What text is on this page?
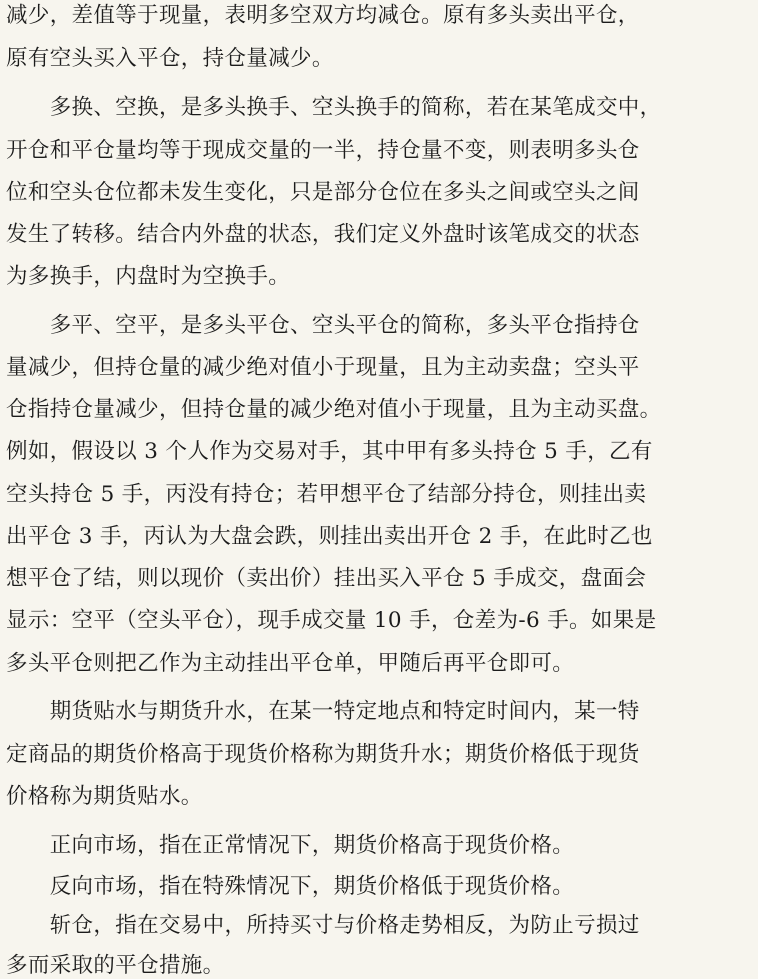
减少，差值等于现量，表明多空双方均减仓。原有多头卖出平仓，
原有空头买入平仓，持仓量减少。
　　多换、空换，是多头换手、空头换手的简称，若在某笔成交中，
开仓和平仓量均等于现成交量的一半，持仓量不变，则表明多头仓
位和空头仓位都未发生变化，只是部分仓位在多头之间或空头之间
发生了转移。结合内外盘的状态，我们定义外盘时该笔成交的状态
为多换手，内盘时为空换手。
　　多平、空平，是多头平仓、空头平仓的简称，多头平仓指持仓
量减少，但持仓量的减少绝对值小于现量，且为主动卖盘；空头平
仓指持仓量减少，但持仓量的减少绝对值小于现量，且为主动买盘。
例如，假设以 3 个人作为交易对手，其中甲有多头持仓 5 手，乙有
空头持仓 5 手，丙没有持仓；若甲想平仓了结部分持仓，则挂出卖
出平仓 3 手，丙认为大盘会跌，则挂出卖出开仓 2 手，在此时乙也
想平仓了结，则以现价（卖出价）挂出买入平仓 5 手成交，盘面会
显示：空平（空头平仓），现手成交量 10 手，仓差为-6 手。如果是
多头平仓则把乙作为主动挂出平仓单，甲随后再平仓即可。
　　期货贴水与期货升水，在某一特定地点和特定时间内，某一特
定商品的期货价格高于现货价格称为期货升水；期货价格低于现货
价格称为期货贴水。
　　正向市场，指在正常情况下，期货价格高于现货价格。
　　反向市场，指在特殊情况下，期货价格低于现货价格。
　　斩仓，指在交易中，所持买寸与价格走势相反，为防止亏损过
多而采取的平仓措施。
